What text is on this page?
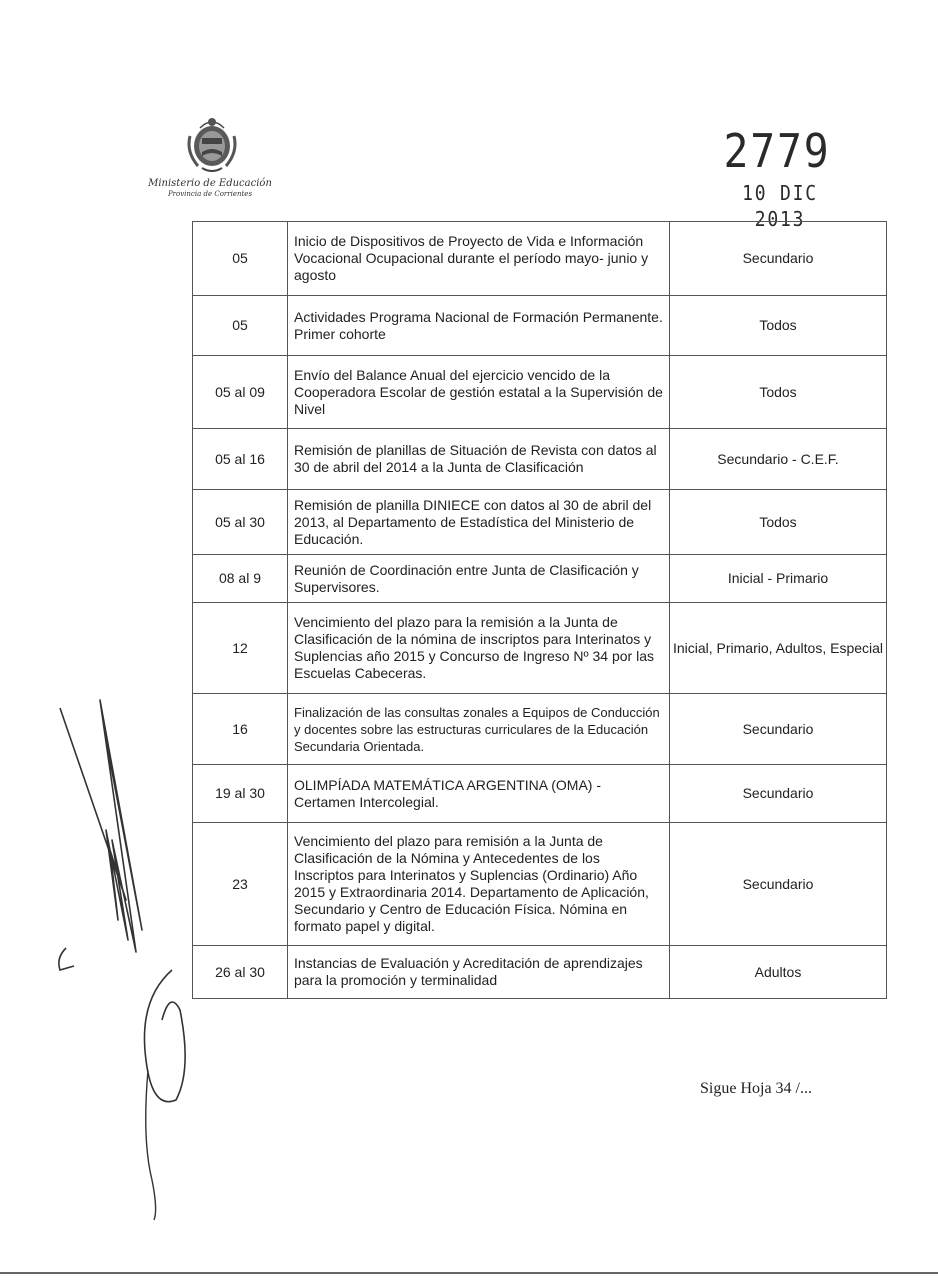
Ministerio de Educación
Provincia de Corrientes
2779
10 DIC 2013
05	Inicio de Dispositivos de Proyecto de Vida e Información Vocacional Ocupacional durante el período mayo- junio y agosto	Secundario
05	Actividades Programa Nacional de Formación Permanente. Primer cohorte	Todos
05 al 09	Envío del Balance Anual del ejercicio vencido de la Cooperadora Escolar de gestión estatal a la Supervisión de Nivel	Todos
05 al 16	Remisión de planillas de Situación de Revista con datos al 30 de abril del 2014 a la Junta de Clasificación	Secundario - C.E.F.
05 al 30	Remisión de planilla DINIECE con datos al 30 de abril del 2013, al Departamento de Estadística del Ministerio de Educación.	Todos
08 al 9	Reunión de Coordinación entre Junta de Clasificación y Supervisores.	Inicial - Primario
12	Vencimiento del plazo para la remisión a la Junta de Clasificación de la nómina de inscriptos para Interinatos y Suplencias año 2015 y Concurso de Ingreso Nº 34 por las Escuelas Cabeceras.	Inicial, Primario, Adultos, Especial
16	Finalización de las consultas zonales a Equipos de Conducción y docentes sobre las estructuras curriculares de la Educación Secundaria Orientada.	Secundario
19 al 30	OLIMPÍADA MATEMÁTICA ARGENTINA (OMA) - Certamen Intercolegial.	Secundario
23	Vencimiento del plazo para remisión a la Junta de Clasificación de la Nómina y Antecedentes de los Inscriptos para Interinatos y Suplencias (Ordinario) Año 2015 y Extraordinaria 2014. Departamento de Aplicación, Secundario y Centro de Educación Física. Nómina en formato papel y digital.	Secundario
26 al 30	Instancias de Evaluación y Acreditación de aprendizajes para la promoción y terminalidad	Adultos
Sigue Hoja 34 /...
